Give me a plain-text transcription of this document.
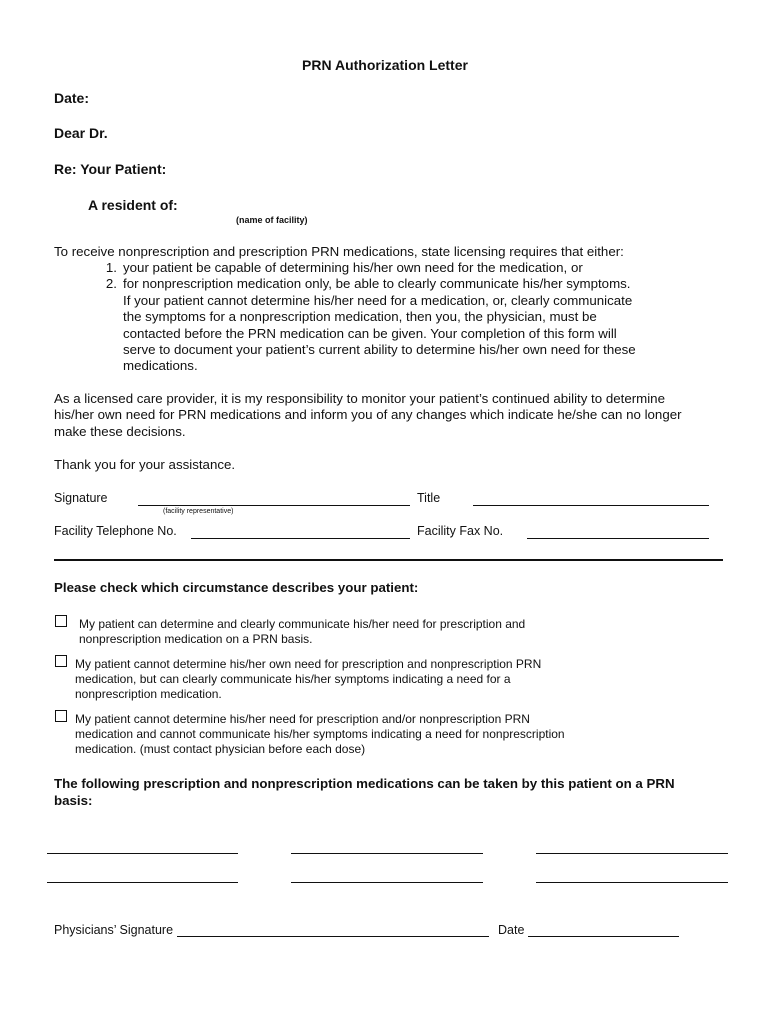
PRN Authorization Letter
Date:
Dear Dr.
Re: Your Patient:
A resident of:
(name of facility)
To receive nonprescription and prescription PRN medications, state licensing requires that either:
1. your patient be capable of determining his/her own need for the medication, or
2. for nonprescription medication only, be able to clearly communicate his/her symptoms.
If your patient cannot determine his/her need for a medication, or, clearly communicate
the symptoms for a nonprescription medication, then you, the physician, must be
contacted before the PRN medication can be given. Your completion of this form will
serve to document your patient’s current ability to determine his/her own need for these
medications.
As a licensed care provider, it is my responsibility to monitor your patient’s continued ability to determine
his/her own need for PRN medications and inform you of any changes which indicate he/she can no longer
make these decisions.
Thank you for your assistance.
Signature
(facility representative)
Title
Facility Telephone No.	Facility Fax No.
Please check which circumstance describes your patient:
My patient can determine and clearly communicate his/her need for prescription and
nonprescription medication on a PRN basis.
My patient cannot determine his/her own need for prescription and nonprescription PRN
medication, but can clearly communicate his/her symptoms indicating a need for a
nonprescription medication.
My patient cannot determine his/her need for prescription and/or nonprescription PRN
medication and cannot communicate his/her symptoms indicating a need for nonprescription
medication. (must contact physician before each dose)
The following prescription and nonprescription medications can be taken by this patient on a PRN
basis:
Physicians’ Signature	Date
